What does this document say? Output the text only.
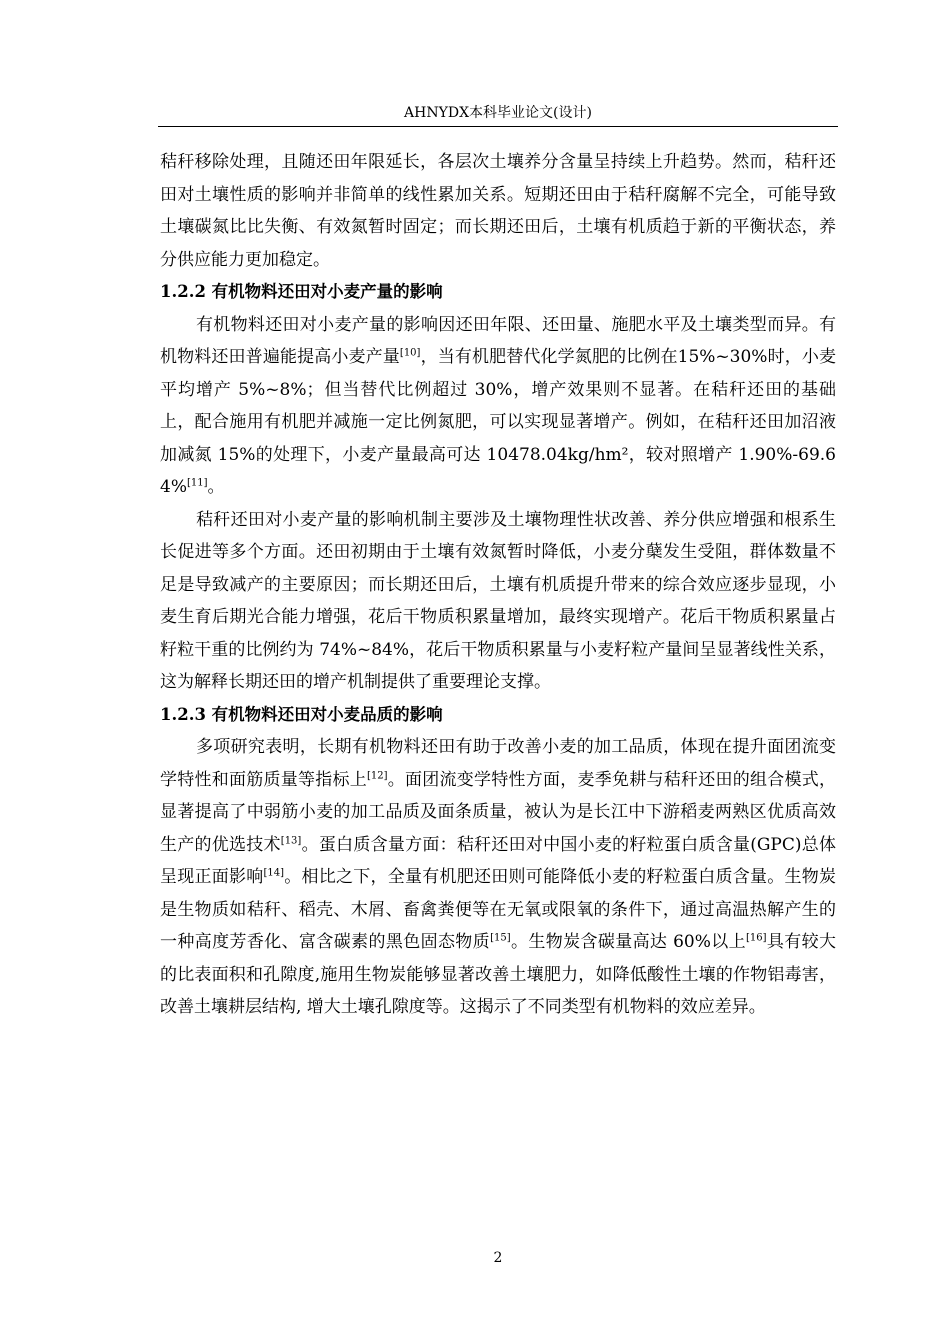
AHNYDX本科毕业论文(设计)

秸秆移除处理，且随还田年限延长，各层次土壤养分含量呈持续上升趋势。然而，秸秆还田对土壤性质的影响并非简单的线性累加关系。短期还田由于秸秆腐解不完全，可能导致土壤碳氮比比失衡、有效氮暂时固定；而长期还田后，土壤有机质趋于新的平衡状态，养分供应能力更加稳定。

1.2.2 有机物料还田对小麦产量的影响

有机物料还田对小麦产量的影响因还田年限、还田量、施肥水平及土壤类型而异。有机物料还田普遍能提高小麦产量[10]，当有机肥替代化学氮肥的比例在15%~30%时，小麦平均增产 5%~8%；但当替代比例超过 30%，增产效果则不显著。在秸秆还田的基础上，配合施用有机肥并减施一定比例氮肥，可以实现显著增产。例如，在秸秆还田加沼液加减氮 15%的处理下，小麦产量最高可达 10478.04kg/hm²，较对照增产 1.90%-69.64%[11]。

秸秆还田对小麦产量的影响机制主要涉及土壤物理性状改善、养分供应增强和根系生长促进等多个方面。还田初期由于土壤有效氮暂时降低，小麦分蘖发生受阻，群体数量不足是导致减产的主要原因；而长期还田后，土壤有机质提升带来的综合效应逐步显现，小麦生育后期光合能力增强，花后干物质积累量增加，最终实现增产。花后干物质积累量占籽粒干重的比例约为 74%~84%，花后干物质积累量与小麦籽粒产量间呈显著线性关系，这为解释长期还田的增产机制提供了重要理论支撑。

1.2.3 有机物料还田对小麦品质的影响

多项研究表明，长期有机物料还田有助于改善小麦的加工品质，体现在提升面团流变学特性和面筋质量等指标上[12]。面团流变学特性方面，麦季免耕与秸秆还田的组合模式，显著提高了中弱筋小麦的加工品质及面条质量，被认为是长江中下游稻麦两熟区优质高效生产的优选技术[13]。蛋白质含量方面：秸秆还田对中国小麦的籽粒蛋白质含量(GPC)总体呈现正面影响[14]。相比之下，全量有机肥还田则可能降低小麦的籽粒蛋白质含量。生物炭是生物质如秸秆、稻壳、木屑、畜禽粪便等在无氧或限氧的条件下，通过高温热解产生的一种高度芳香化、富含碳素的黑色固态物质[15]。生物炭含碳量高达 60%以上[16]具有较大的比表面积和孔隙度,施用生物炭能够显著改善土壤肥力，如降低酸性土壤的作物铝毒害，改善土壤耕层结构, 增大土壤孔隙度等。这揭示了不同类型有机物料的效应差异。

2
